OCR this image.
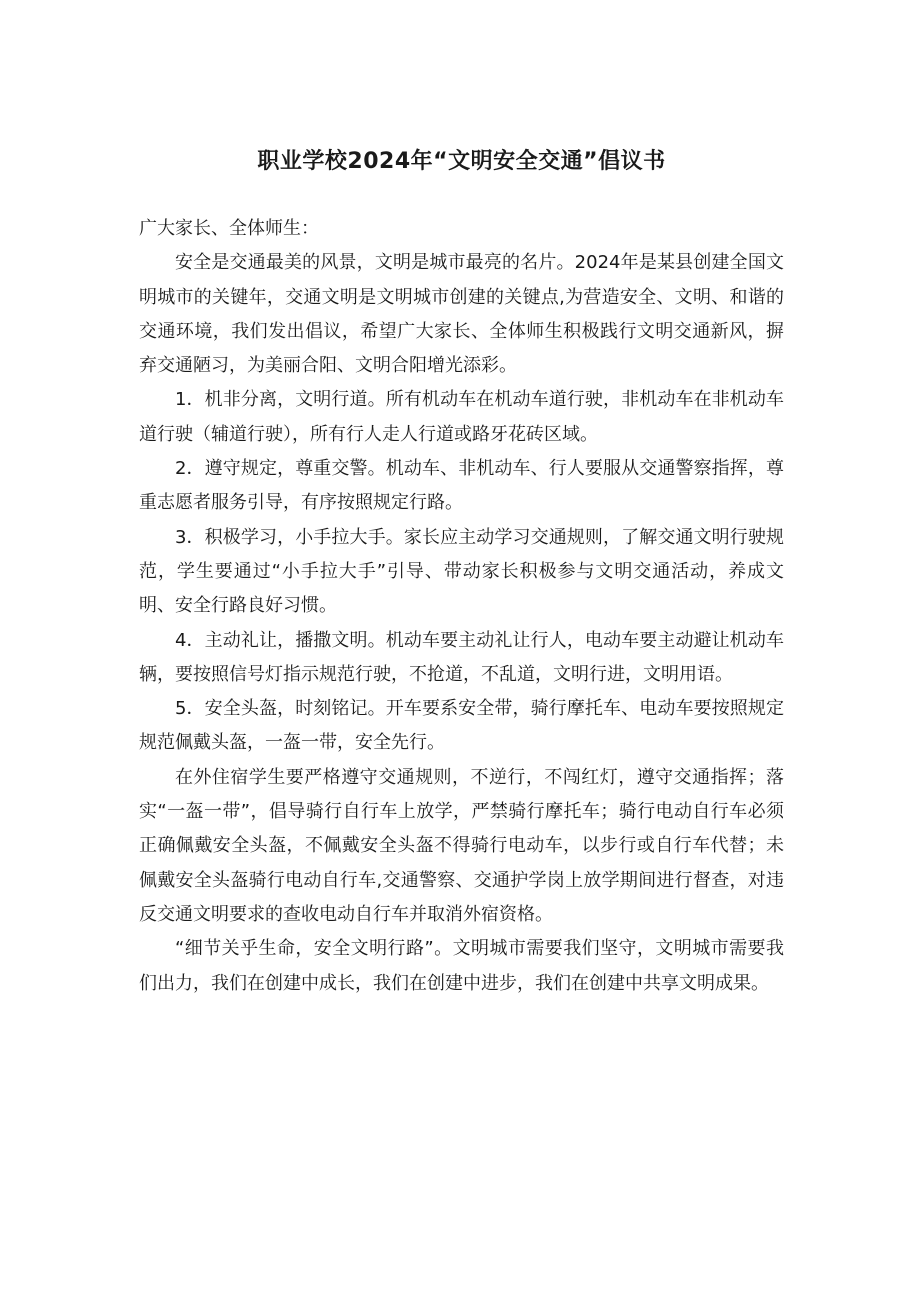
职业学校2024年“文明安全交通”倡议书

广大家长、全体师生：

安全是交通最美的风景，文明是城市最亮的名片。2024年是某县创建全国文明城市的关键年，交通文明是文明城市创建的关键点,为营造安全、文明、和谐的交通环境，我们发出倡议，希望广大家长、全体师生积极践行文明交通新风，摒弃交通陋习，为美丽合阳、文明合阳增光添彩。

1．机非分离，文明行道。所有机动车在机动车道行驶，非机动车在非机动车道行驶（辅道行驶），所有行人走人行道或路牙花砖区域。

2．遵守规定，尊重交警。机动车、非机动车、行人要服从交通警察指挥，尊重志愿者服务引导，有序按照规定行路。

3．积极学习，小手拉大手。家长应主动学习交通规则，了解交通文明行驶规范，学生要通过“小手拉大手”引导、带动家长积极参与文明交通活动，养成文明、安全行路良好习惯。

4．主动礼让，播撒文明。机动车要主动礼让行人，电动车要主动避让机动车辆，要按照信号灯指示规范行驶，不抢道，不乱道，文明行进，文明用语。

5．安全头盔，时刻铭记。开车要系安全带，骑行摩托车、电动车要按照规定规范佩戴头盔，一盔一带，安全先行。

在外住宿学生要严格遵守交通规则，不逆行，不闯红灯，遵守交通指挥；落实“一盔一带”，倡导骑行自行车上放学，严禁骑行摩托车；骑行电动自行车必须正确佩戴安全头盔，不佩戴安全头盔不得骑行电动车，以步行或自行车代替；未佩戴安全头盔骑行电动自行车,交通警察、交通护学岗上放学期间进行督查，对违反交通文明要求的查收电动自行车并取消外宿资格。

“细节关乎生命，安全文明行路”。文明城市需要我们坚守，文明城市需要我们出力，我们在创建中成长，我们在创建中进步，我们在创建中共享文明成果。
